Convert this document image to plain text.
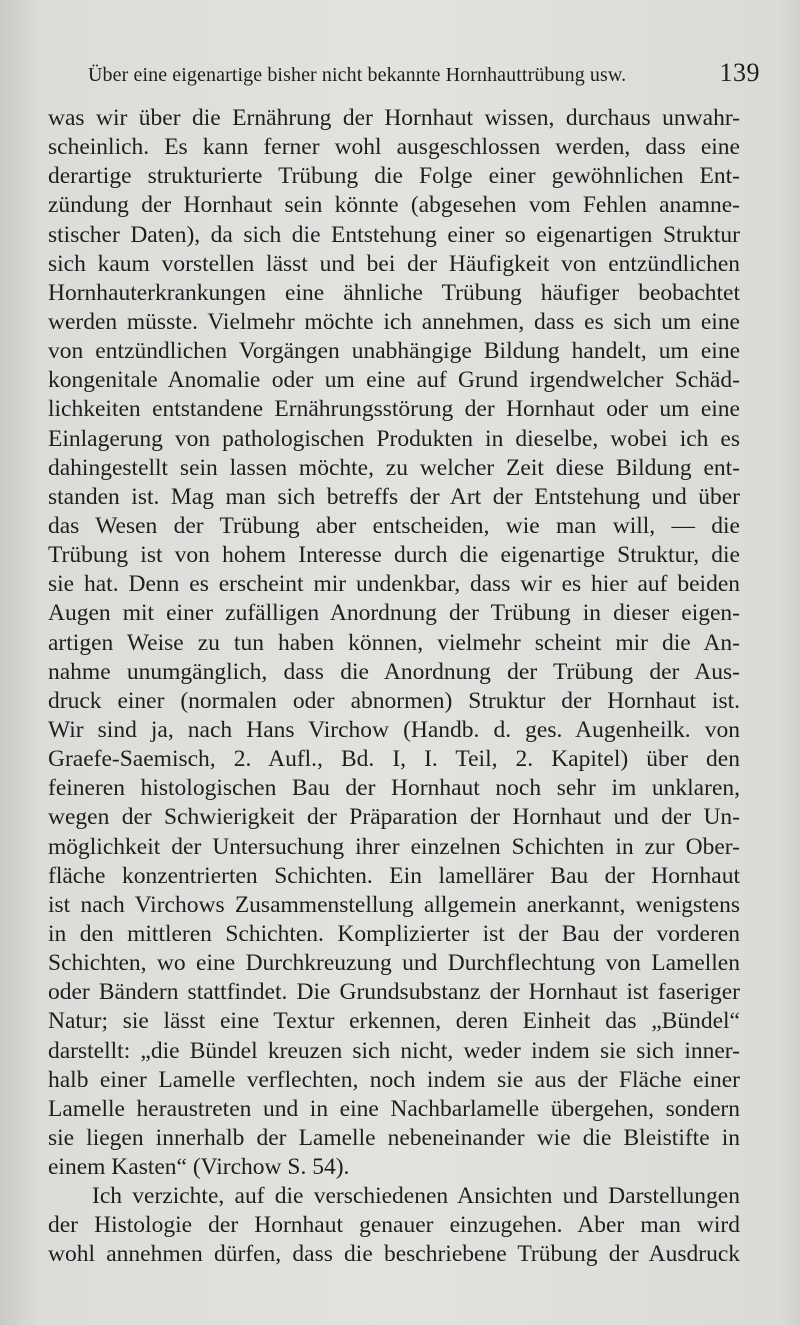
Über eine eigenartige bisher nicht bekannte Hornhauttrübung usw.	139
was wir über die Ernährung der Hornhaut wissen, durchaus unwahr-
scheinlich. Es kann ferner wohl ausgeschlossen werden, dass eine
derartige strukturierte Trübung die Folge einer gewöhnlichen Ent-
zündung der Hornhaut sein könnte (abgesehen vom Fehlen anamne-
stischer Daten), da sich die Entstehung einer so eigenartigen Struktur
sich kaum vorstellen lässt und bei der Häufigkeit von entzündlichen
Hornhauterkrankungen eine ähnliche Trübung häufiger beobachtet
werden müsste. Vielmehr möchte ich annehmen, dass es sich um eine
von entzündlichen Vorgängen unabhängige Bildung handelt, um eine
kongenitale Anomalie oder um eine auf Grund irgendwelcher Schäd-
lichkeiten entstandene Ernährungsstörung der Hornhaut oder um eine
Einlagerung von pathologischen Produkten in dieselbe, wobei ich es
dahingestellt sein lassen möchte, zu welcher Zeit diese Bildung ent-
standen ist. Mag man sich betreffs der Art der Entstehung und über
das Wesen der Trübung aber entscheiden, wie man will, — die
Trübung ist von hohem Interesse durch die eigenartige Struktur, die
sie hat. Denn es erscheint mir undenkbar, dass wir es hier auf beiden
Augen mit einer zufälligen Anordnung der Trübung in dieser eigen-
artigen Weise zu tun haben können, vielmehr scheint mir die An-
nahme unumgänglich, dass die Anordnung der Trübung der Aus-
druck einer (normalen oder abnormen) Struktur der Hornhaut ist.
Wir sind ja, nach Hans Virchow (Handb. d. ges. Augenheilk. von
Graefe-Saemisch, 2. Aufl., Bd. I, I. Teil, 2. Kapitel) über den
feineren histologischen Bau der Hornhaut noch sehr im unklaren,
wegen der Schwierigkeit der Präparation der Hornhaut und der Un-
möglichkeit der Untersuchung ihrer einzelnen Schichten in zur Ober-
fläche konzentrierten Schichten. Ein lamellärer Bau der Hornhaut
ist nach Virchows Zusammenstellung allgemein anerkannt, wenigstens
in den mittleren Schichten. Komplizierter ist der Bau der vorderen
Schichten, wo eine Durchkreuzung und Durchflechtung von Lamellen
oder Bändern stattfindet. Die Grundsubstanz der Hornhaut ist faseriger
Natur; sie lässt eine Textur erkennen, deren Einheit das „Bündel“
darstellt: „die Bündel kreuzen sich nicht, weder indem sie sich inner-
halb einer Lamelle verflechten, noch indem sie aus der Fläche einer
Lamelle heraustreten und in eine Nachbarlamelle übergehen, sondern
sie liegen innerhalb der Lamelle nebeneinander wie die Bleistifte in
einem Kasten“ (Virchow S. 54).
Ich verzichte, auf die verschiedenen Ansichten und Darstellungen
der Histologie der Hornhaut genauer einzugehen. Aber man wird
wohl annehmen dürfen, dass die beschriebene Trübung der Ausdruck
